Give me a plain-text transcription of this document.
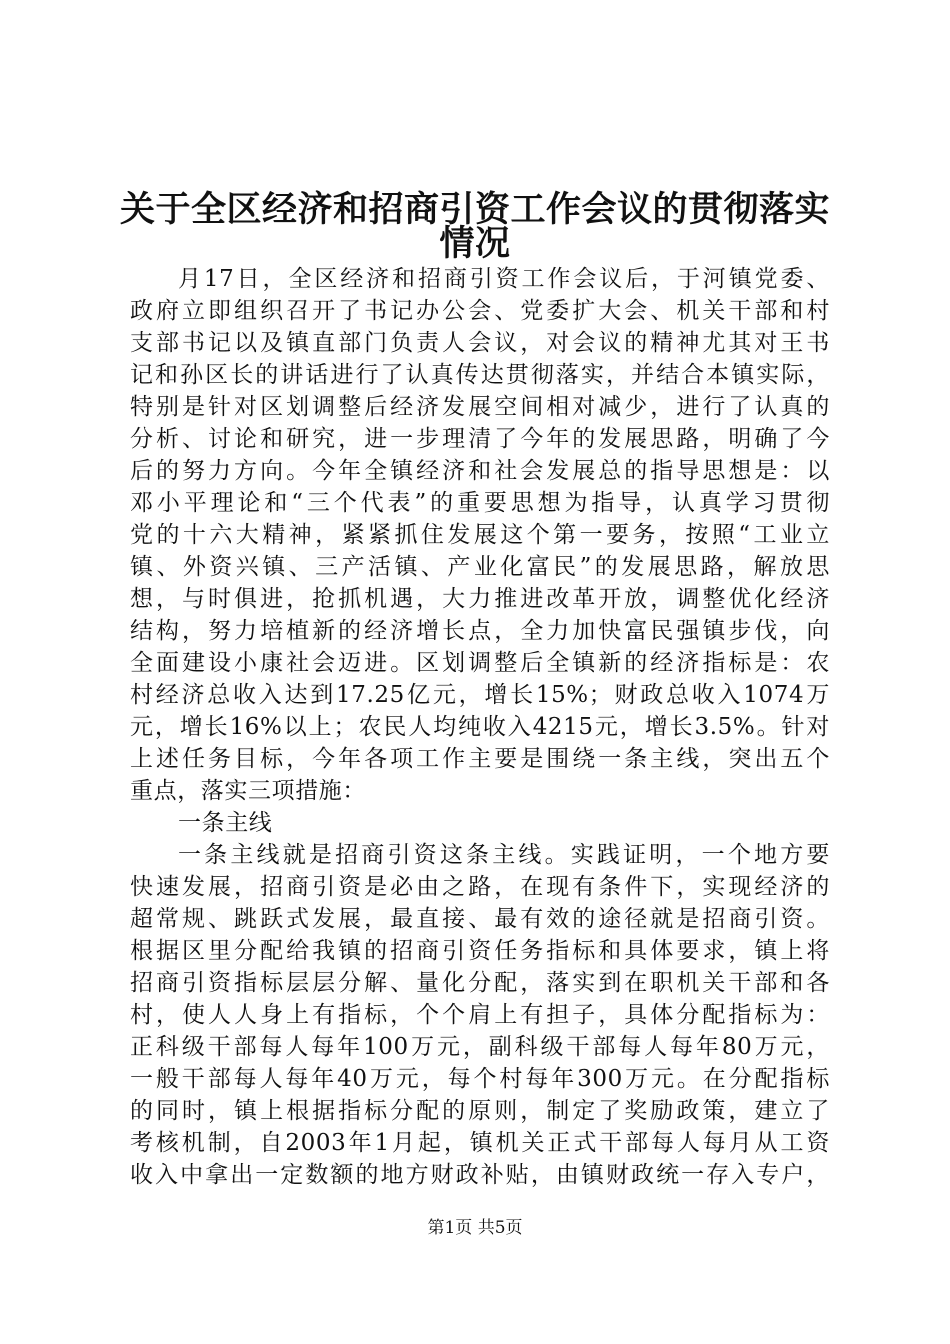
关于全区经济和招商引资工作会议的贯彻落实
情况
月17日，全区经济和招商引资工作会议后，于河镇党委、
政府立即组织召开了书记办公会、党委扩大会、机关干部和村
支部书记以及镇直部门负责人会议，对会议的精神尤其对王书
记和孙区长的讲话进行了认真传达贯彻落实，并结合本镇实际，
特别是针对区划调整后经济发展空间相对减少，进行了认真的
分析、讨论和研究，进一步理清了今年的发展思路，明确了今
后的努力方向。今年全镇经济和社会发展总的指导思想是：以
邓小平理论和“三个代表”的重要思想为指导，认真学习贯彻
党的十六大精神，紧紧抓住发展这个第一要务，按照“工业立
镇、外资兴镇、三产活镇、产业化富民”的发展思路，解放思
想，与时俱进，抢抓机遇，大力推进改革开放，调整优化经济
结构，努力培植新的经济增长点，全力加快富民强镇步伐，向
全面建设小康社会迈进。区划调整后全镇新的经济指标是：农
村经济总收入达到17.25亿元，增长15%；财政总收入1074万
元，增长16%以上；农民人均纯收入4215元，增长3.5%。针对
上述任务目标，今年各项工作主要是围绕一条主线，突出五个
重点，落实三项措施：
一条主线
一条主线就是招商引资这条主线。实践证明，一个地方要
快速发展，招商引资是必由之路，在现有条件下，实现经济的
超常规、跳跃式发展，最直接、最有效的途径就是招商引资。
根据区里分配给我镇的招商引资任务指标和具体要求，镇上将
招商引资指标层层分解、量化分配，落实到在职机关干部和各
村，使人人身上有指标，个个肩上有担子，具体分配指标为：
正科级干部每人每年100万元，副科级干部每人每年80万元，
一般干部每人每年40万元，每个村每年300万元。在分配指标
的同时，镇上根据指标分配的原则，制定了奖励政策，建立了
考核机制，自2003年1月起，镇机关正式干部每人每月从工资
收入中拿出一定数额的地方财政补贴，由镇财政统一存入专户，
第1页 共5页
